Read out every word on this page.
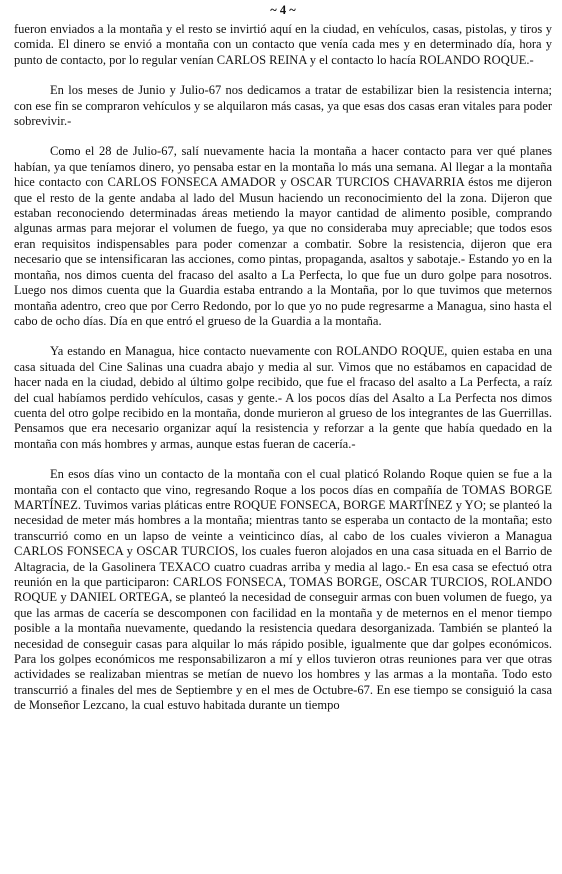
~ 4 ~

fueron enviados a la montaña y el resto se invirtió aquí en la ciudad, en vehículos, casas, pistolas, y tiros y comida. El dinero se envió a montaña con un contacto que venía cada mes y en determinado día, hora y punto de contacto, por lo regular venían CARLOS REINA y el contacto lo hacía ROLANDO ROQUE.-

En los meses de Junio y Julio-67 nos dedicamos a tratar de estabilizar bien la resistencia interna; con ese fin se compraron vehículos y se alquilaron más casas, ya que esas dos casas eran vitales para poder sobrevivir.-

Como el 28 de Julio-67, salí nuevamente hacia la montaña a hacer contacto para ver qué planes habían, ya que teníamos dinero, yo pensaba estar en la montaña lo más una semana. Al llegar a la montaña hice contacto con CARLOS FONSECA AMADOR y OSCAR TURCIOS CHAVARRIA éstos me dijeron que el resto de la gente andaba al lado del Musun haciendo un reconocimiento del la zona. Dijeron que estaban reconociendo determinadas áreas metiendo la mayor cantidad de alimento posible, comprando algunas armas para mejorar el volumen de fuego, ya que no consideraba muy apreciable; que todos esos eran requisitos indispensables para poder comenzar a combatir. Sobre la resistencia, dijeron que era necesario que se intensificaran las acciones, como pintas, propaganda, asaltos y sabotaje.- Estando yo en la montaña, nos dimos cuenta del fracaso del asalto a La Perfecta, lo que fue un duro golpe para nosotros. Luego nos dimos cuenta que la Guardia estaba entrando a la Montaña, por lo que tuvimos que meternos montaña adentro, creo que por Cerro Redondo, por lo que yo no pude regresarme a Managua, sino hasta el cabo de ocho días. Día en que entró el grueso de la Guardia a la montaña.

Ya estando en Managua, hice contacto nuevamente con ROLANDO ROQUE, quien estaba en una casa situada del Cine Salinas una cuadra abajo y media al sur. Vimos que no estábamos en capacidad de hacer nada en la ciudad, debido al último golpe recibido, que fue el fracaso del asalto a La Perfecta, a raíz del cual habíamos perdido vehículos, casas y gente.- A los pocos días del Asalto a La Perfecta nos dimos cuenta del otro golpe recibido en la montaña, donde murieron al grueso de los integrantes de las Guerrillas. Pensamos que era necesario organizar aquí la resistencia y reforzar a la gente que había quedado en la montaña con más hombres y armas, aunque estas fueran de cacería.-

En esos días vino un contacto de la montaña con el cual platicó Rolando Roque quien se fue a la montaña con el contacto que vino, regresando Roque a los pocos días en compañía de TOMAS BORGE MARTÍNEZ. Tuvimos varias pláticas entre ROQUE FONSECA, BORGE MARTÍNEZ y YO; se planteó la necesidad de meter más hombres a la montaña; mientras tanto se esperaba un contacto de la montaña; esto transcurrió como en un lapso de veinte a veinticinco días, al cabo de los cuales vivieron a Managua CARLOS FONSECA y OSCAR TURCIOS, los cuales fueron alojados en una casa situada en el Barrio de Altagracia, de la Gasolinera TEXACO cuatro cuadras arriba y media al lago.- En esa casa se efectuó otra reunión en la que participaron: CARLOS FONSECA, TOMAS BORGE, OSCAR TURCIOS, ROLANDO ROQUE y DANIEL ORTEGA, se planteó la necesidad de conseguir armas con buen volumen de fuego, ya que las armas de cacería se descomponen con facilidad en la montaña y de meternos en el menor tiempo posible a la montaña nuevamente, quedando la resistencia quedara desorganizada. También se planteó la necesidad de conseguir casas para alquilar lo más rápido posible, igualmente que dar golpes económicos. Para los golpes económicos me responsabilizaron a mí y ellos tuvieron otras reuniones para ver que otras actividades se realizaban mientras se metían de nuevo los hombres y las armas a la montaña. Todo esto transcurrió a finales del mes de Septiembre y en el mes de Octubre-67. En ese tiempo se consiguió la casa de Monseñor Lezcano, la cual estuvo habitada durante un tiempo
